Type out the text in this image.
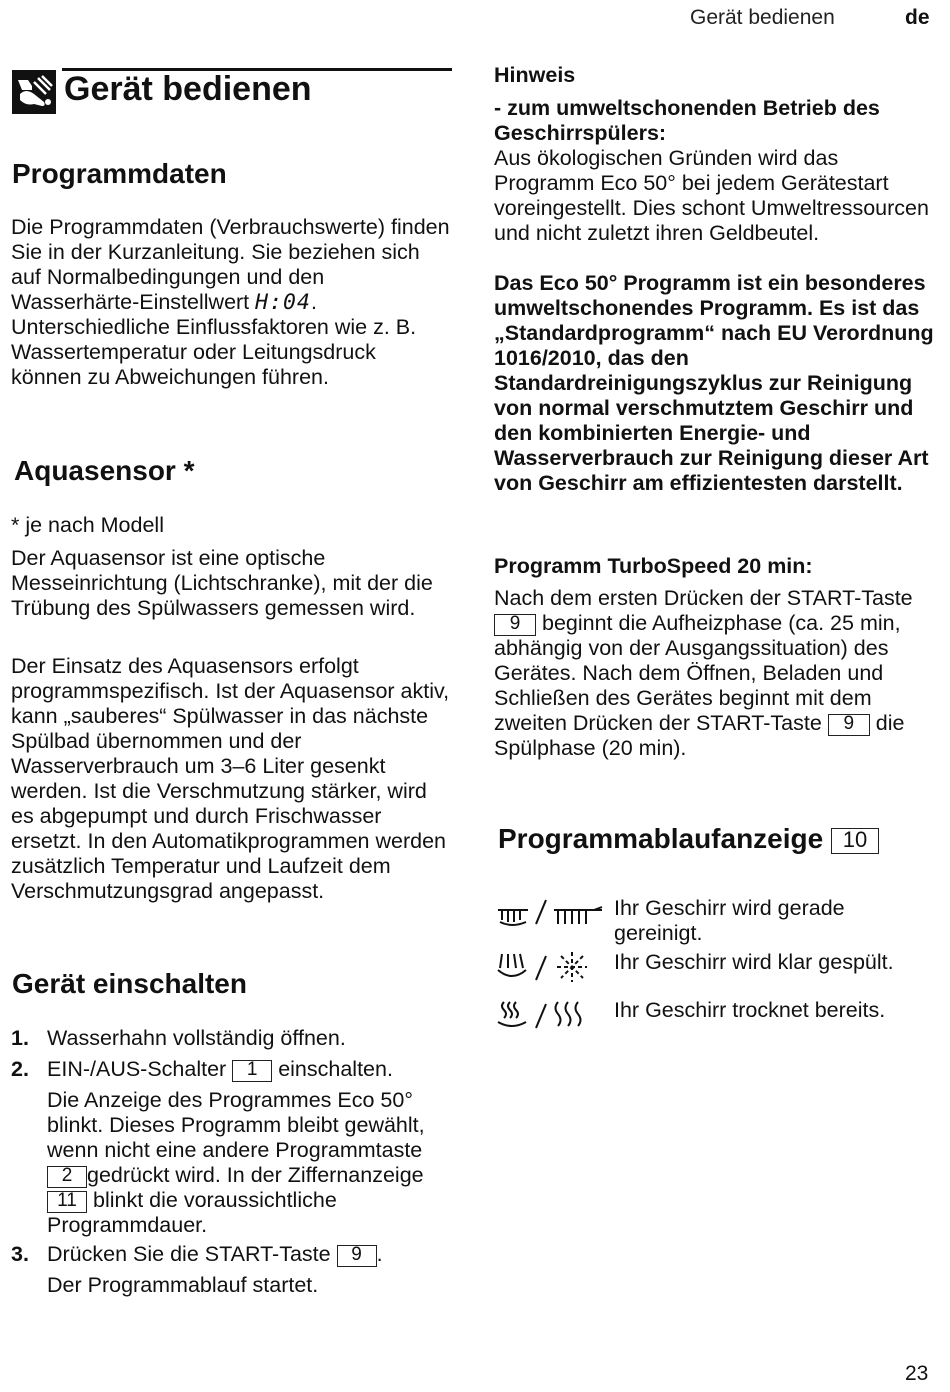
Gerät bedienen	de
Gerät bedienen
Programmdaten

Die Programmdaten (Verbrauchswerte) finden Sie in der Kurzanleitung. Sie beziehen sich auf Normalbedingungen und den Wasserhärte-Einstellwert H:04. Unterschiedliche Einflussfaktoren wie z. B. Wassertemperatur oder Leitungsdruck können zu Abweichungen führen.

Aquasensor *

* je nach Modell

Der Aquasensor ist eine optische Messeinrichtung (Lichtschranke), mit der die Trübung des Spülwassers gemessen wird.

Der Einsatz des Aquasensors erfolgt programmspezifisch. Ist der Aquasensor aktiv, kann „sauberes“ Spülwasser in das nächste Spülbad übernommen und der Wasserverbrauch um 3–6 Liter gesenkt werden. Ist die Verschmutzung stärker, wird es abgepumpt und durch Frischwasser ersetzt. In den Automatikprogrammen werden zusätzlich Temperatur und Laufzeit dem Verschmutzungsgrad angepasst.

Gerät einschalten
1. Wasserhahn vollständig öffnen.
2. EIN-/AUS-Schalter 1 einschalten.
Die Anzeige des Programmes Eco 50° blinkt. Dieses Programm bleibt gewählt, wenn nicht eine andere Programmtaste 2 gedrückt wird. In der Ziffernanzeige 11 blinkt die voraussichtliche Programmdauer.
3. Drücken Sie die START-Taste 9 .
Der Programmablauf startet.

Hinweis

- zum umweltschonenden Betrieb des Geschirrspülers:

Aus ökologischen Gründen wird das Programm Eco 50° bei jedem Gerätestart voreingestellt. Dies schont Umweltressourcen und nicht zuletzt ihren Geldbeutel.

Das Eco 50° Programm ist ein besonderes umweltschonendes Programm. Es ist das „Standardprogramm“ nach EU Verordnung 1016/2010, das den Standardreinigungszyklus zur Reinigung von normal verschmutztem Geschirr und den kombinierten Energie- und Wasserverbrauch zur Reinigung dieser Art von Geschirr am effizientesten darstellt.

Programm TurboSpeed 20 min:

Nach dem ersten Drücken der START-Taste 9 beginnt die Aufheizphase (ca. 25 min, abhängig von der Ausgangssituation) des Gerätes. Nach dem Öffnen, Beladen und Schließen des Gerätes beginnt mit dem zweiten Drücken der START-Taste 9 die Spülphase (20 min).

Programmablaufanzeige 10
Ihr Geschirr wird gerade gereinigt.
Ihr Geschirr wird klar gespült.
Ihr Geschirr trocknet bereits.
23
